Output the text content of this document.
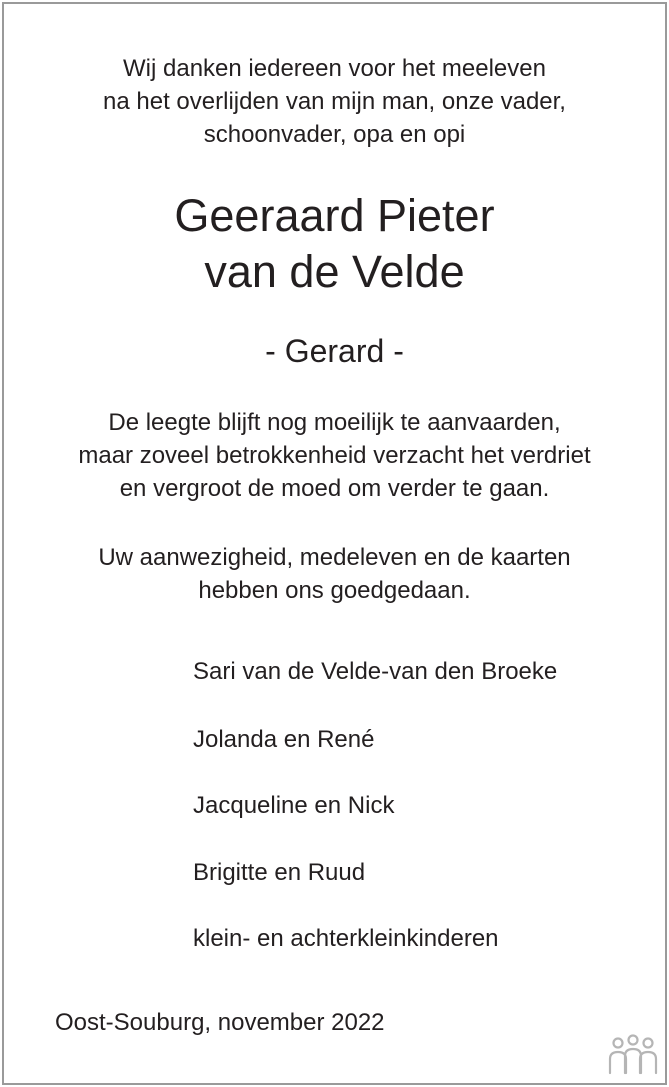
Wij danken iedereen voor het meeleven
na het overlijden van mijn man, onze vader,
schoonvader, opa en opi
Geeraard Pieter
van de Velde
- Gerard -
De leegte blijft nog moeilijk te aanvaarden,
maar zoveel betrokkenheid verzacht het verdriet
en vergroot de moed om verder te gaan.
Uw aanwezigheid, medeleven en de kaarten
hebben ons goedgedaan.
Sari van de Velde-van den Broeke
Jolanda en René
Jacqueline en Nick
Brigitte en Ruud
klein- en achterkleinkinderen
Oost-Souburg, november 2022
